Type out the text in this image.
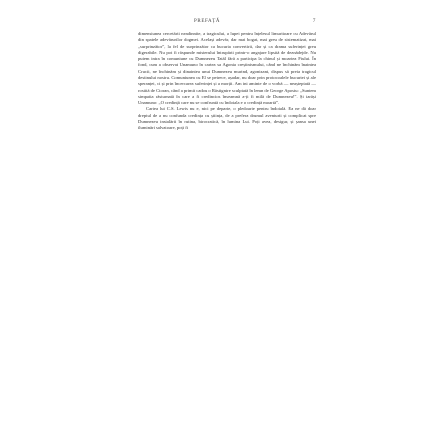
PREFAȚĂ	7

dimensiunea cercetării neadinnite, a tragicului, a lupei pentru înțelesul limuritoare cu Adevărul din spatele adevărurilor dogmei. Același adevăr, dar mai bogat, mai greu de sistematizat, mai „surprinzător”, la fel de surprinzător ca bucuria convertirii, dar și ca drama suferinței greu digerabile. Nu pot fi răspunde misterului întrupării printr-o angajare lipsită de deznădejde. Nu putem intra în comuniune cu Dumnezeu Tatăl fără a participa la chinul și moartea Fiului. În fond, cum a observat Unamuno în cartea sa Agonia creștinismului, când ne închinăm înaintea Crucii, ne închinăm și dinaintea unui Dumnezeu murind, agonizant, dispus să preia tragicul destinului nostru. Comuniunea cu El se petrece, așadar, nu doar prin protocoalele bucuriei și ale speranței, ci și prin încercarea suferinței și a morții. Am ini aminte de o vorbă — neașteptată — rostită de Cioran, când a primit cadou o Răstignire sculptată în lemn de George Apostu: „Suntem simpatia răsturnată în care a fi credincios înseamnă a-ți fi milă de Dumnezeu!”. Și iarăși Unamuno: „O credință care nu se confruntă cu îndoiala e o credință moartă”.

Cartea lui C.S. Lewis nu e, nici pe departe, o pledoarie pentru îndoială. Ea ne dă doar dreptul de a nu confunda credința cu știința, de a prefera drumul aventurii și complicat spre Dumnezeu instalării în rutina, birocratică, în lumina Lui. Poți avea, desigur, și șansa unei iluminări salvatoare, poți fi
